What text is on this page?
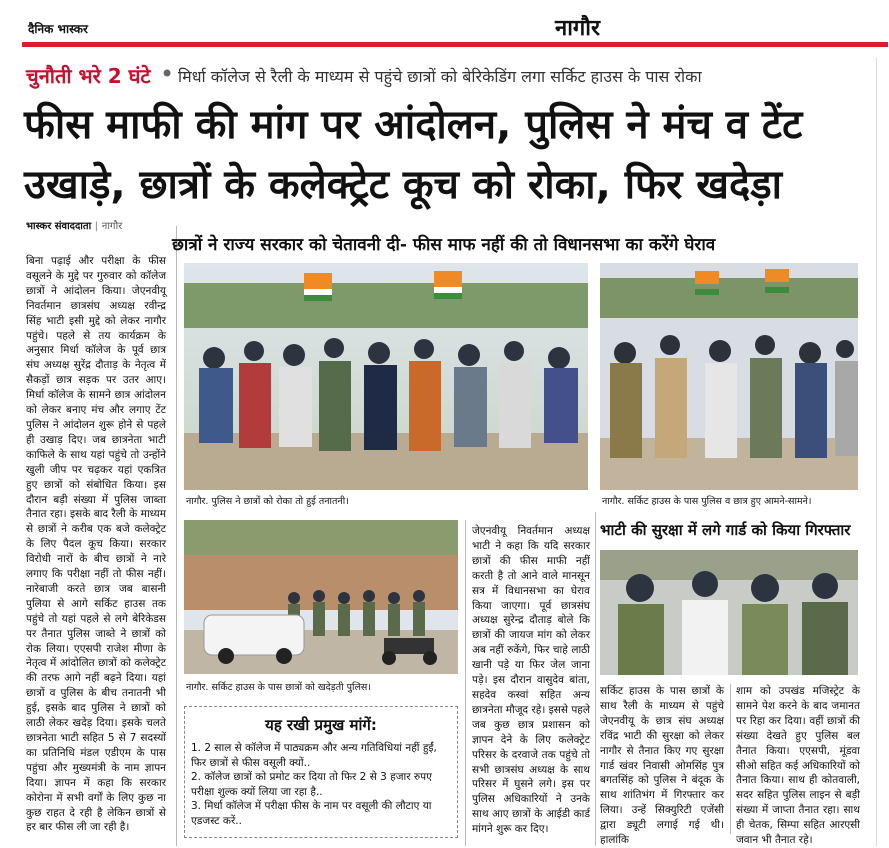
दैनिक भास्कर	नागौर
चुनौती भरे 2 घंटे • मिर्धा कॉलेज से रैली के माध्यम से पहुंचे छात्रों को बेरिकेडिंग लगा सर्किट हाउस के पास रोका
फीस माफी की मांग पर आंदोलन, पुलिस ने मंच व टेंट
उखाड़े, छात्रों के कलेक्ट्रेट कूच को रोका, फिर खदेड़ा
भास्कर संवाददाता | नागौर

बिना पढ़ाई और परीक्षा के फीस वसूलने के मुद्दे पर गुरुवार को कॉलेज छात्रों ने आंदोलन किया। जेएनवीयू निवर्तमान छात्रसंघ अध्यक्ष रवीन्द्र सिंह भाटी इसी मुद्दे को लेकर नागौर पहुंचे। पहले से तय कार्यक्रम के अनुसार मिर्धा कॉलेज के पूर्व छात्र संघ अध्यक्ष सुरेंद्र दौताड़ के नेतृत्व में सैकड़ों छात्र सड़क पर उतर आए। मिर्धा कॉलेज के सामने छात्र आंदोलन को लेकर बनाए मंच और लगाए टेंट पुलिस ने आंदोलन शुरू होने से पहले ही उखाड़ दिए। जब छात्रनेता भाटी काफिले के साथ यहां पहुंचे तो उन्होंने खुली जीप पर चढ़कर यहां एकत्रित हुए छात्रों को संबोधित किया। इस दौरान बड़ी संख्या में पुलिस जाब्ता तैनात रहा। इसके बाद रैली के माध्यम से छात्रों ने करीब एक बजे कलेक्ट्रेट के लिए पैदल कूच किया। सरकार विरोधी नारों के बीच छात्रों ने नारे लगाए कि परीक्षा नहीं तो फीस नहीं। नारेबाजी करते छात्र जब बासनी पुलिया से आगे सर्किट हाउस तक पहुंचे तो यहां पहले से लगे बेरिकेडस पर तैनात पुलिस जाब्ते ने छात्रों को रोक लिया। एएसपी राजेश मीणा के नेतृत्व में आंदोलित छात्रों को कलेक्ट्रेट की तरफ आगे नहीं बढ़ने दिया। यहां छात्रों व पुलिस के बीच तनातनी भी हुई, इसके बाद पुलिस ने छात्रों को लाठी लेकर खदेड़ दिया। इसके चलते छात्रनेता भाटी सहित 5 से 7 सदस्यों का प्रतिनिधि मंडल एडीएम के पास पहुंचा और मुख्यमंत्री के नाम ज्ञापन दिया। ज्ञापन में कहा कि सरकार कोरोना में सभी वर्गों के लिए कुछ ना कुछ राहत दे रही है लेकिन छात्रों से हर बार फीस ली जा रही है।

छात्रों ने राज्य सरकार को चेतावनी दी- फीस माफ नहीं की तो विधानसभा का करेंगे घेराव
नागौर. पुलिस ने छात्रों को रोका तो हुई तनातनी।	नागौर. सर्किट हाउस के पास पुलिस व छात्र हुए आमने-सामने।
नागौर. सर्किट हाउस के पास छात्रों को खदेड़ती पुलिस।

जेएनवीयू निवर्तमान अध्यक्ष भाटी ने कहा कि यदि सरकार छात्रों की फीस माफी नहीं करती है तो आने वाले मानसून सत्र में विधानसभा का घेराव किया जाएगा। पूर्व छात्रसंघ अध्यक्ष सुरेन्द्र दौताड़ बोले कि छात्रों की जायज मांग को लेकर अब नहीं रुकेंगे, फिर चाहे लाठी खानी पड़े या फिर जेल जाना पड़े। इस दौरान वासुदेव बांता, सहदेव कस्वां सहित अन्य छात्रनेता मौजूद रहे। इससे पहले जब कुछ छात्र प्रशासन को ज्ञापन देने के लिए कलेक्ट्रेट परिसर के दरवाजे तक पहुंचे तो सभी छात्रसंघ अध्यक्ष के साथ परिसर में घुसने लगे। इस पर पुलिस अधिकारियों ने उनके साथ आए छात्रों के आईडी कार्ड मांगने शुरू कर दिए।

यह रखी प्रमुख मांगें:
1. 2 साल से कॉलेज में पाठ्यक्रम और अन्य गतिविधियां नहीं हुईं, फिर छात्रों से फीस वसूली क्यों..
2. कॉलेज छात्रों को प्रमोट कर दिया तो फिर 2 से 3 हजार रुपए परीक्षा शुल्क क्यों लिया जा रहा है..
3. मिर्धा कॉलेज में परीक्षा फीस के नाम पर वसूली की लौटाए या एडजस्ट करें..
भाटी की सुरक्षा में लगे गार्ड को किया गिरफ्तार

सर्किट हाउस के पास छात्रों के साथ रैली के माध्यम से पहुंचे जेएनवीयू के छात्र संघ अध्यक्ष रविंद्र भाटी की सुरक्षा को लेकर नागौर से तैनात किए गए सुरक्षा गार्ड खंवर निवासी ओमसिंह पुत्र बगतसिंह को पुलिस ने बंदूक के साथ शांतिभंग में गिरफ्तार कर लिया। उन्हें सिक्युरिटी एजेंसी द्वारा ड्यूटी लगाई गई थी। हालांकि

शाम को उपखंड मजिस्ट्रेट के सामने पेश करने के बाद जमानत पर रिहा कर दिया। वहीं छात्रों की संख्या देखते हुए पुलिस बल तैनात किया। एएसपी, मूंडवा सीओ सहित कई अधिकारियों को तैनात किया। साथ ही कोतवाली, सदर सहित पुलिस लाइन से बड़ी संख्या में जाप्ता तैनात रहा। साथ ही चेतक, सिम्पा सहित आरएसी जवान भी तैनात रहे।
